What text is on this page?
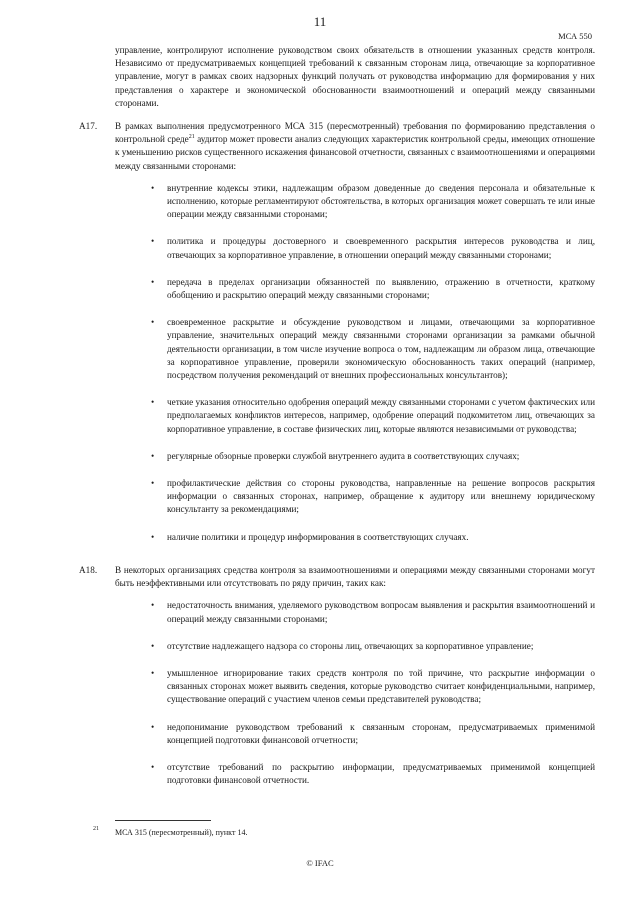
11
МСА 550

управление, контролируют исполнение руководством своих обязательств в отношении указанных средств контроля. Независимо от предусматриваемых концепцией требований к связанным сторонам лица, отвечающие за корпоративное управление, могут в рамках своих надзорных функций получать от руководства информацию для формирования у них представления о характере и экономической обоснованности взаимоотношений и операций между связанными сторонами.

A17. В рамках выполнения предусмотренного МСА 315 (пересмотренный) требования по формированию представления о контрольной среде$^{21}$ аудитор может провести анализ следующих характеристик контрольной среды, имеющих отношение к уменьшению рисков существенного искажения финансовой отчетности, связанных с взаимоотношениями и операциями между связанными сторонами:

• внутренние кодексы этики, надлежащим образом доведенные до сведения персонала и обязательные к исполнению, которые регламентируют обстоятельства, в которых организация может совершать те или иные операции между связанными сторонами;
• политика и процедуры достоверного и своевременного раскрытия интересов руководства и лиц, отвечающих за корпоративное управление, в отношении операций между связанными сторонами;
• передача в пределах организации обязанностей по выявлению, отражению в отчетности, краткому обобщению и раскрытию операций между связанными сторонами;
• своевременное раскрытие и обсуждение руководством и лицами, отвечающими за корпоративное управление, значительных операций между связанными сторонами организации за рамками обычной деятельности организации, в том числе изучение вопроса о том, надлежащим ли образом лица, отвечающие за корпоративное управление, проверили экономическую обоснованность таких операций (например, посредством получения рекомендаций от внешних профессиональных консультантов);
• четкие указания относительно одобрения операций между связанными сторонами с учетом фактических или предполагаемых конфликтов интересов, например, одобрение операций подкомитетом лиц, отвечающих за корпоративное управление, в составе физических лиц, которые являются независимыми от руководства;
• регулярные обзорные проверки службой внутреннего аудита в соответствующих случаях;
• профилактические действия со стороны руководства, направленные на решение вопросов раскрытия информации о связанных сторонах, например, обращение к аудитору или внешнему юридическому консультанту за рекомендациями;
• наличие политики и процедур информирования в соответствующих случаях.
A18. В некоторых организациях средства контроля за взаимоотношениями и операциями между связанными сторонами могут быть неэффективными или отсутствовать по ряду причин, таких как:

• недостаточность внимания, уделяемого руководством вопросам выявления и раскрытия взаимоотношений и операций между связанными сторонами;
• отсутствие надлежащего надзора со стороны лиц, отвечающих за корпоративное управление;
• умышленное игнорирование таких средств контроля по той причине, что раскрытие информации о связанных сторонах может выявить сведения, которые руководство считает конфиденциальными, например, существование операций с участием членов семьи представителей руководства;
• недопонимание руководством требований к связанным сторонам, предусматриваемых применимой концепцией подготовки финансовой отчетности;
• отсутствие требований по раскрытию информации, предусматриваемых применимой концепцией подготовки финансовой отчетности.
21 МСА 315 (пересмотренный), пункт 14.
© IFAC
